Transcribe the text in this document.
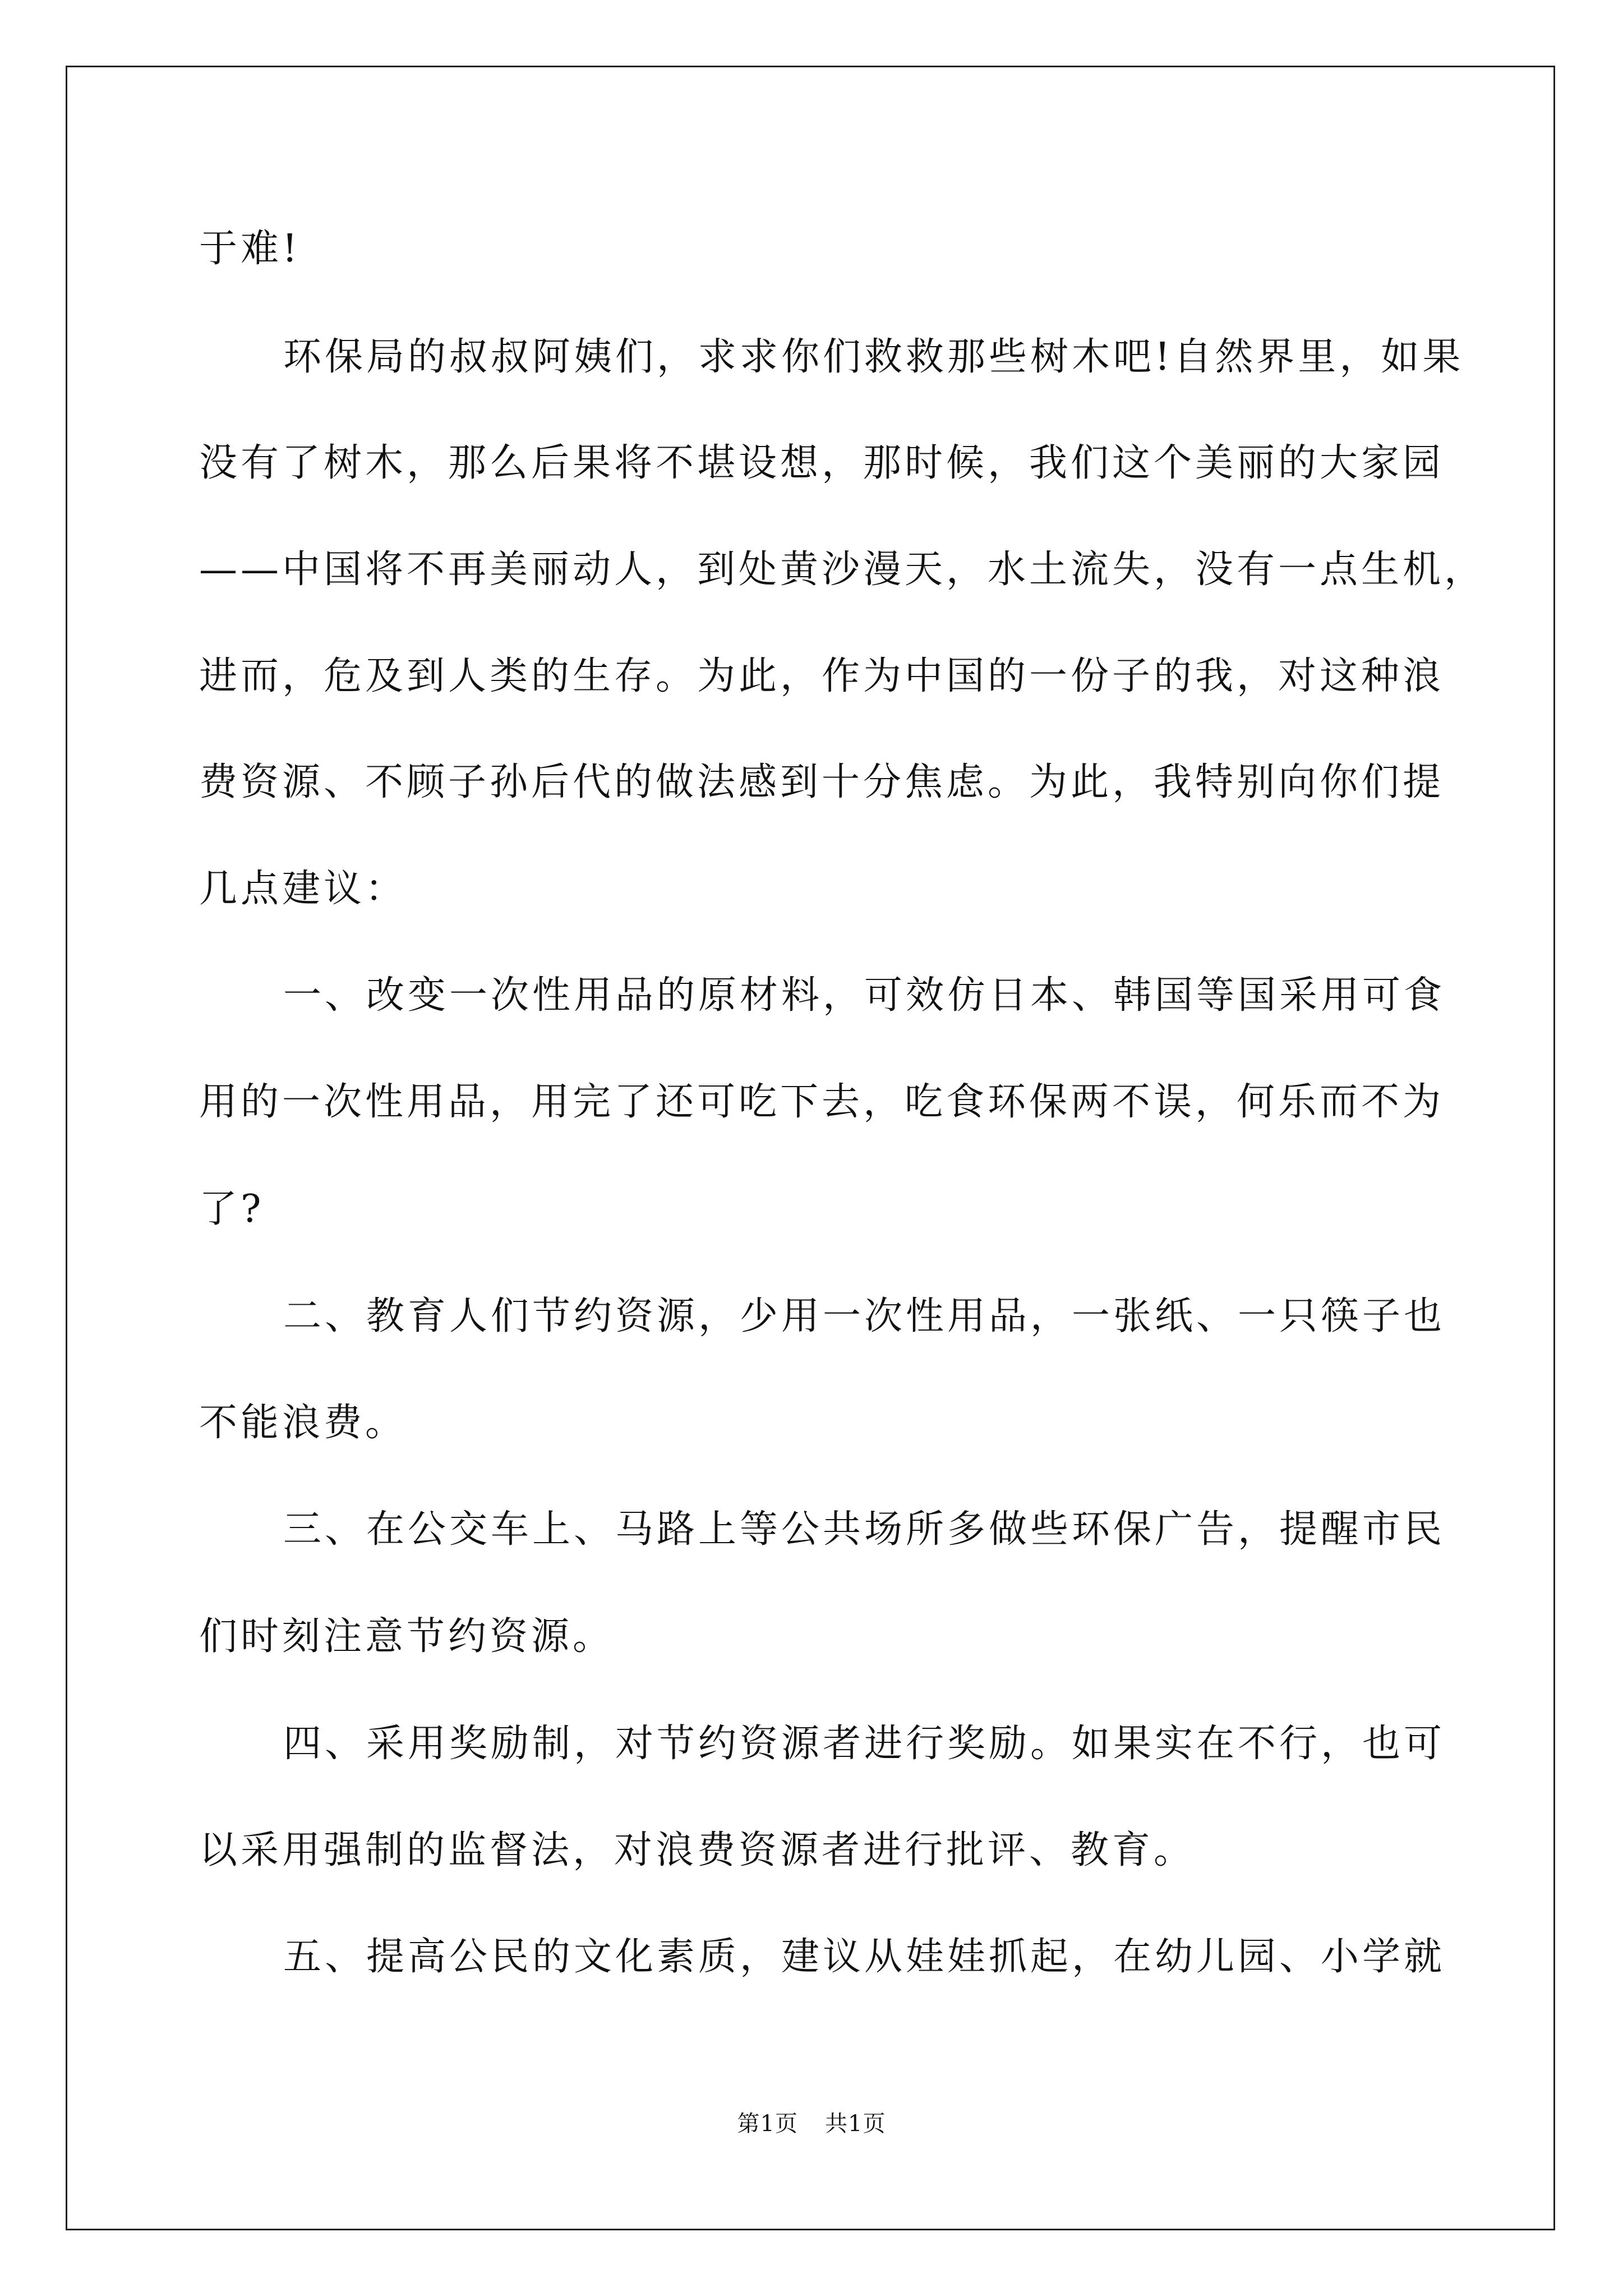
于难!
环保局的叔叔阿姨们，求求你们救救那些树木吧!自然界里，如果
没有了树木，那么后果将不堪设想，那时候，我们这个美丽的大家园
——中国将不再美丽动人，到处黄沙漫天，水土流失，没有一点生机，
进而，危及到人类的生存。为此，作为中国的一份子的我，对这种浪
费资源、不顾子孙后代的做法感到十分焦虑。为此，我特别向你们提
几点建议：
一、改变一次性用品的原材料，可效仿日本、韩国等国采用可食
用的一次性用品，用完了还可吃下去，吃食环保两不误，何乐而不为
了?
二、教育人们节约资源，少用一次性用品，一张纸、一只筷子也
不能浪费。
三、在公交车上、马路上等公共场所多做些环保广告，提醒市民
们时刻注意节约资源。
四、采用奖励制，对节约资源者进行奖励。如果实在不行，也可
以采用强制的监督法，对浪费资源者进行批评、教育。
五、提高公民的文化素质，建议从娃娃抓起，在幼儿园、小学就
第1页 共1页
